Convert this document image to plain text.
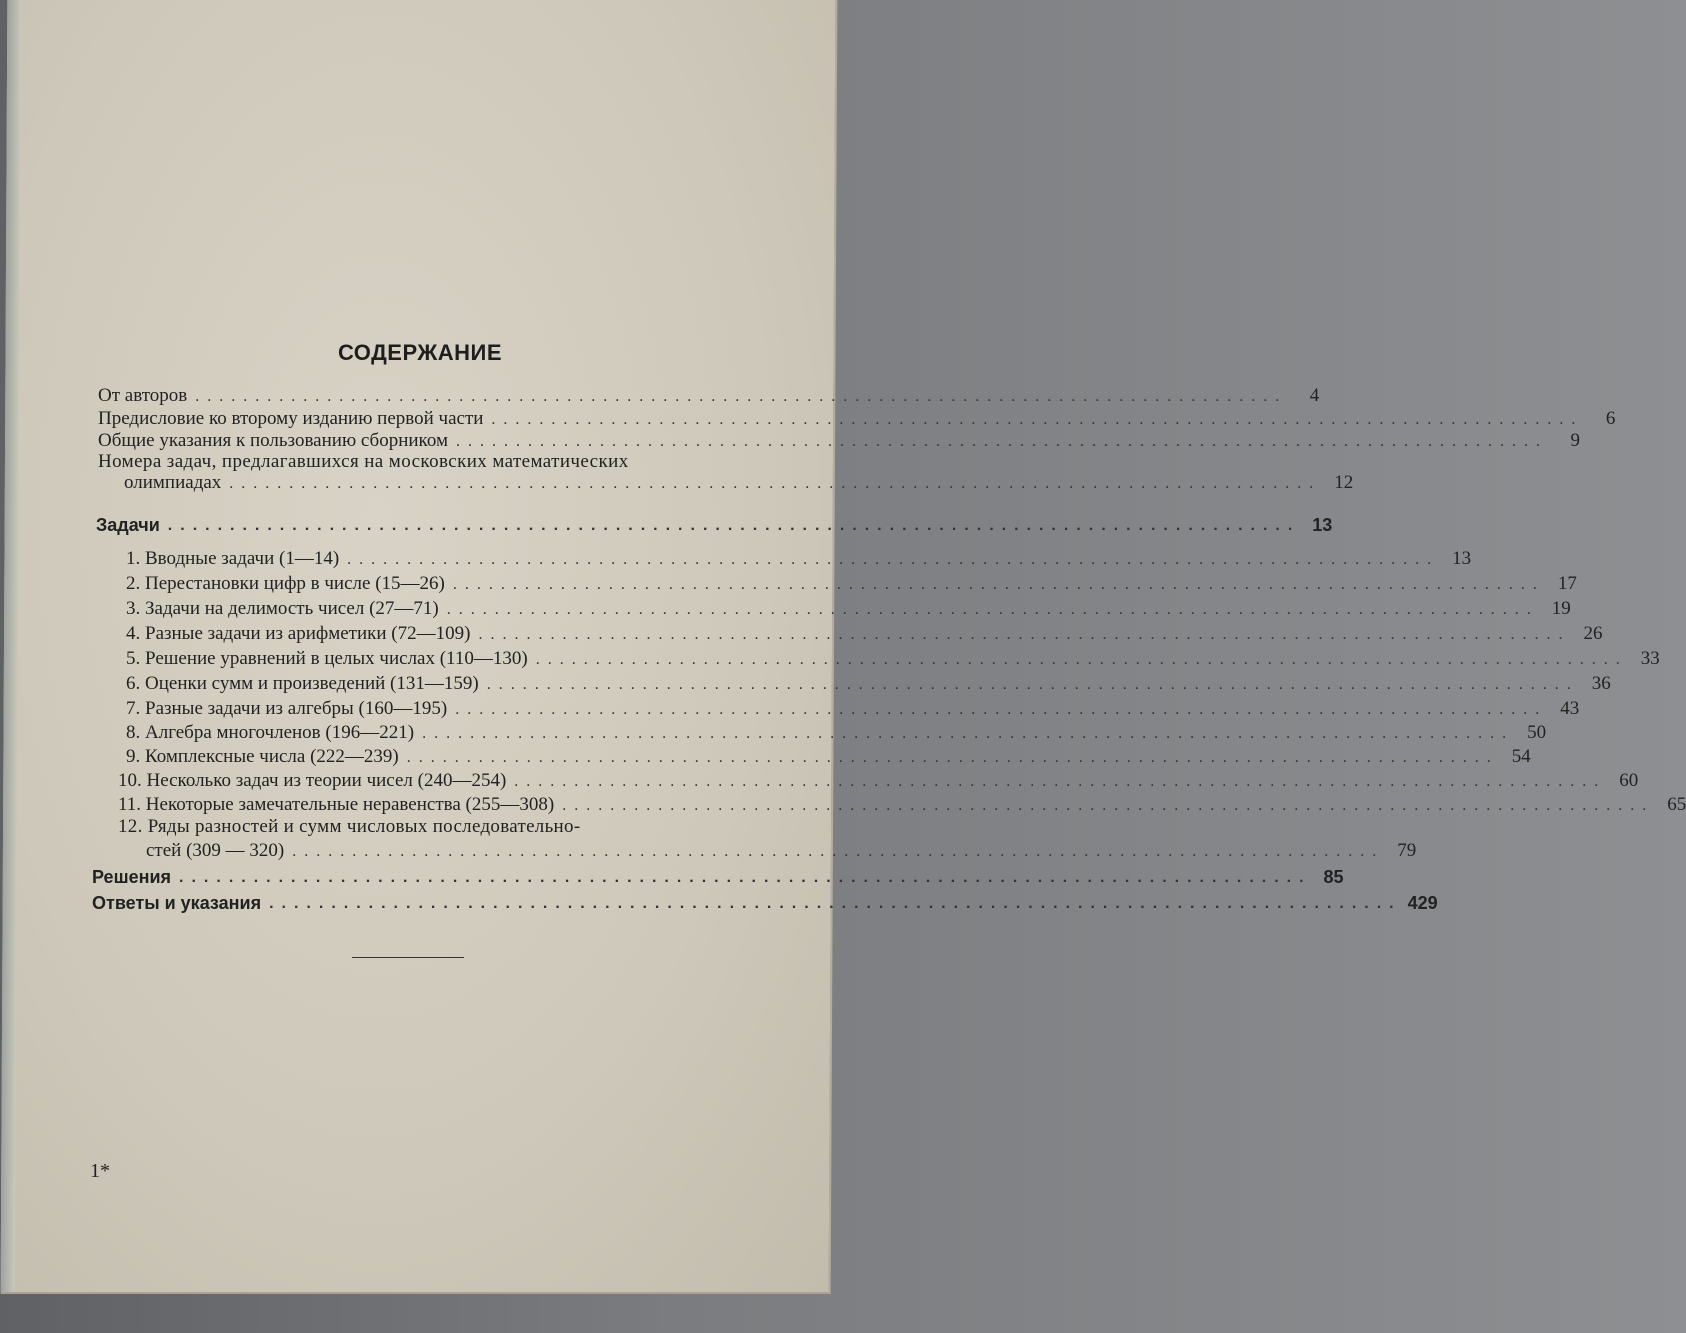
СОДЕРЖАНИЕ
От авторов ...........................................................................................	4
Предисловие ко второму изданию первой части ...........................................................................................	6
Общие указания к пользованию сборником ...........................................................................................	9
Номера задач, предлагавшихся на московских математических
олимпиадах ........................................................................................... 12
Задачи ........................................................................................... 13
1. Вводные задачи (1—14) ........................................................................................... 13
2. Перестановки цифр в числе (15—26) ........................................................................................... 17
3. Задачи на делимость чисел (27—71) ........................................................................................... 19
4. Разные задачи из арифметики (72—109) ........................................................................................... 26
5. Решение уравнений в целых числах (110—130) ........................................................................................... 33
6. Оценки сумм и произведений (131—159) ........................................................................................... 36
7. Разные задачи из алгебры (160—195) ........................................................................................... 43
8. Алгебра многочленов (196—221) ........................................................................................... 50
9. Комплексные числа (222—239) ........................................................................................... 54
10. Несколько задач из теории чисел (240—254) ........................................................................................... 60
11. Некоторые замечательные неравенства (255—308) ........................................................................................... 65
12. Ряды разностей и сумм числовых последовательно-
стей (309 — 320) ........................................................................................... 79
Решения ........................................................................................... 85
Ответы и указания ........................................................................................... 429
1*
